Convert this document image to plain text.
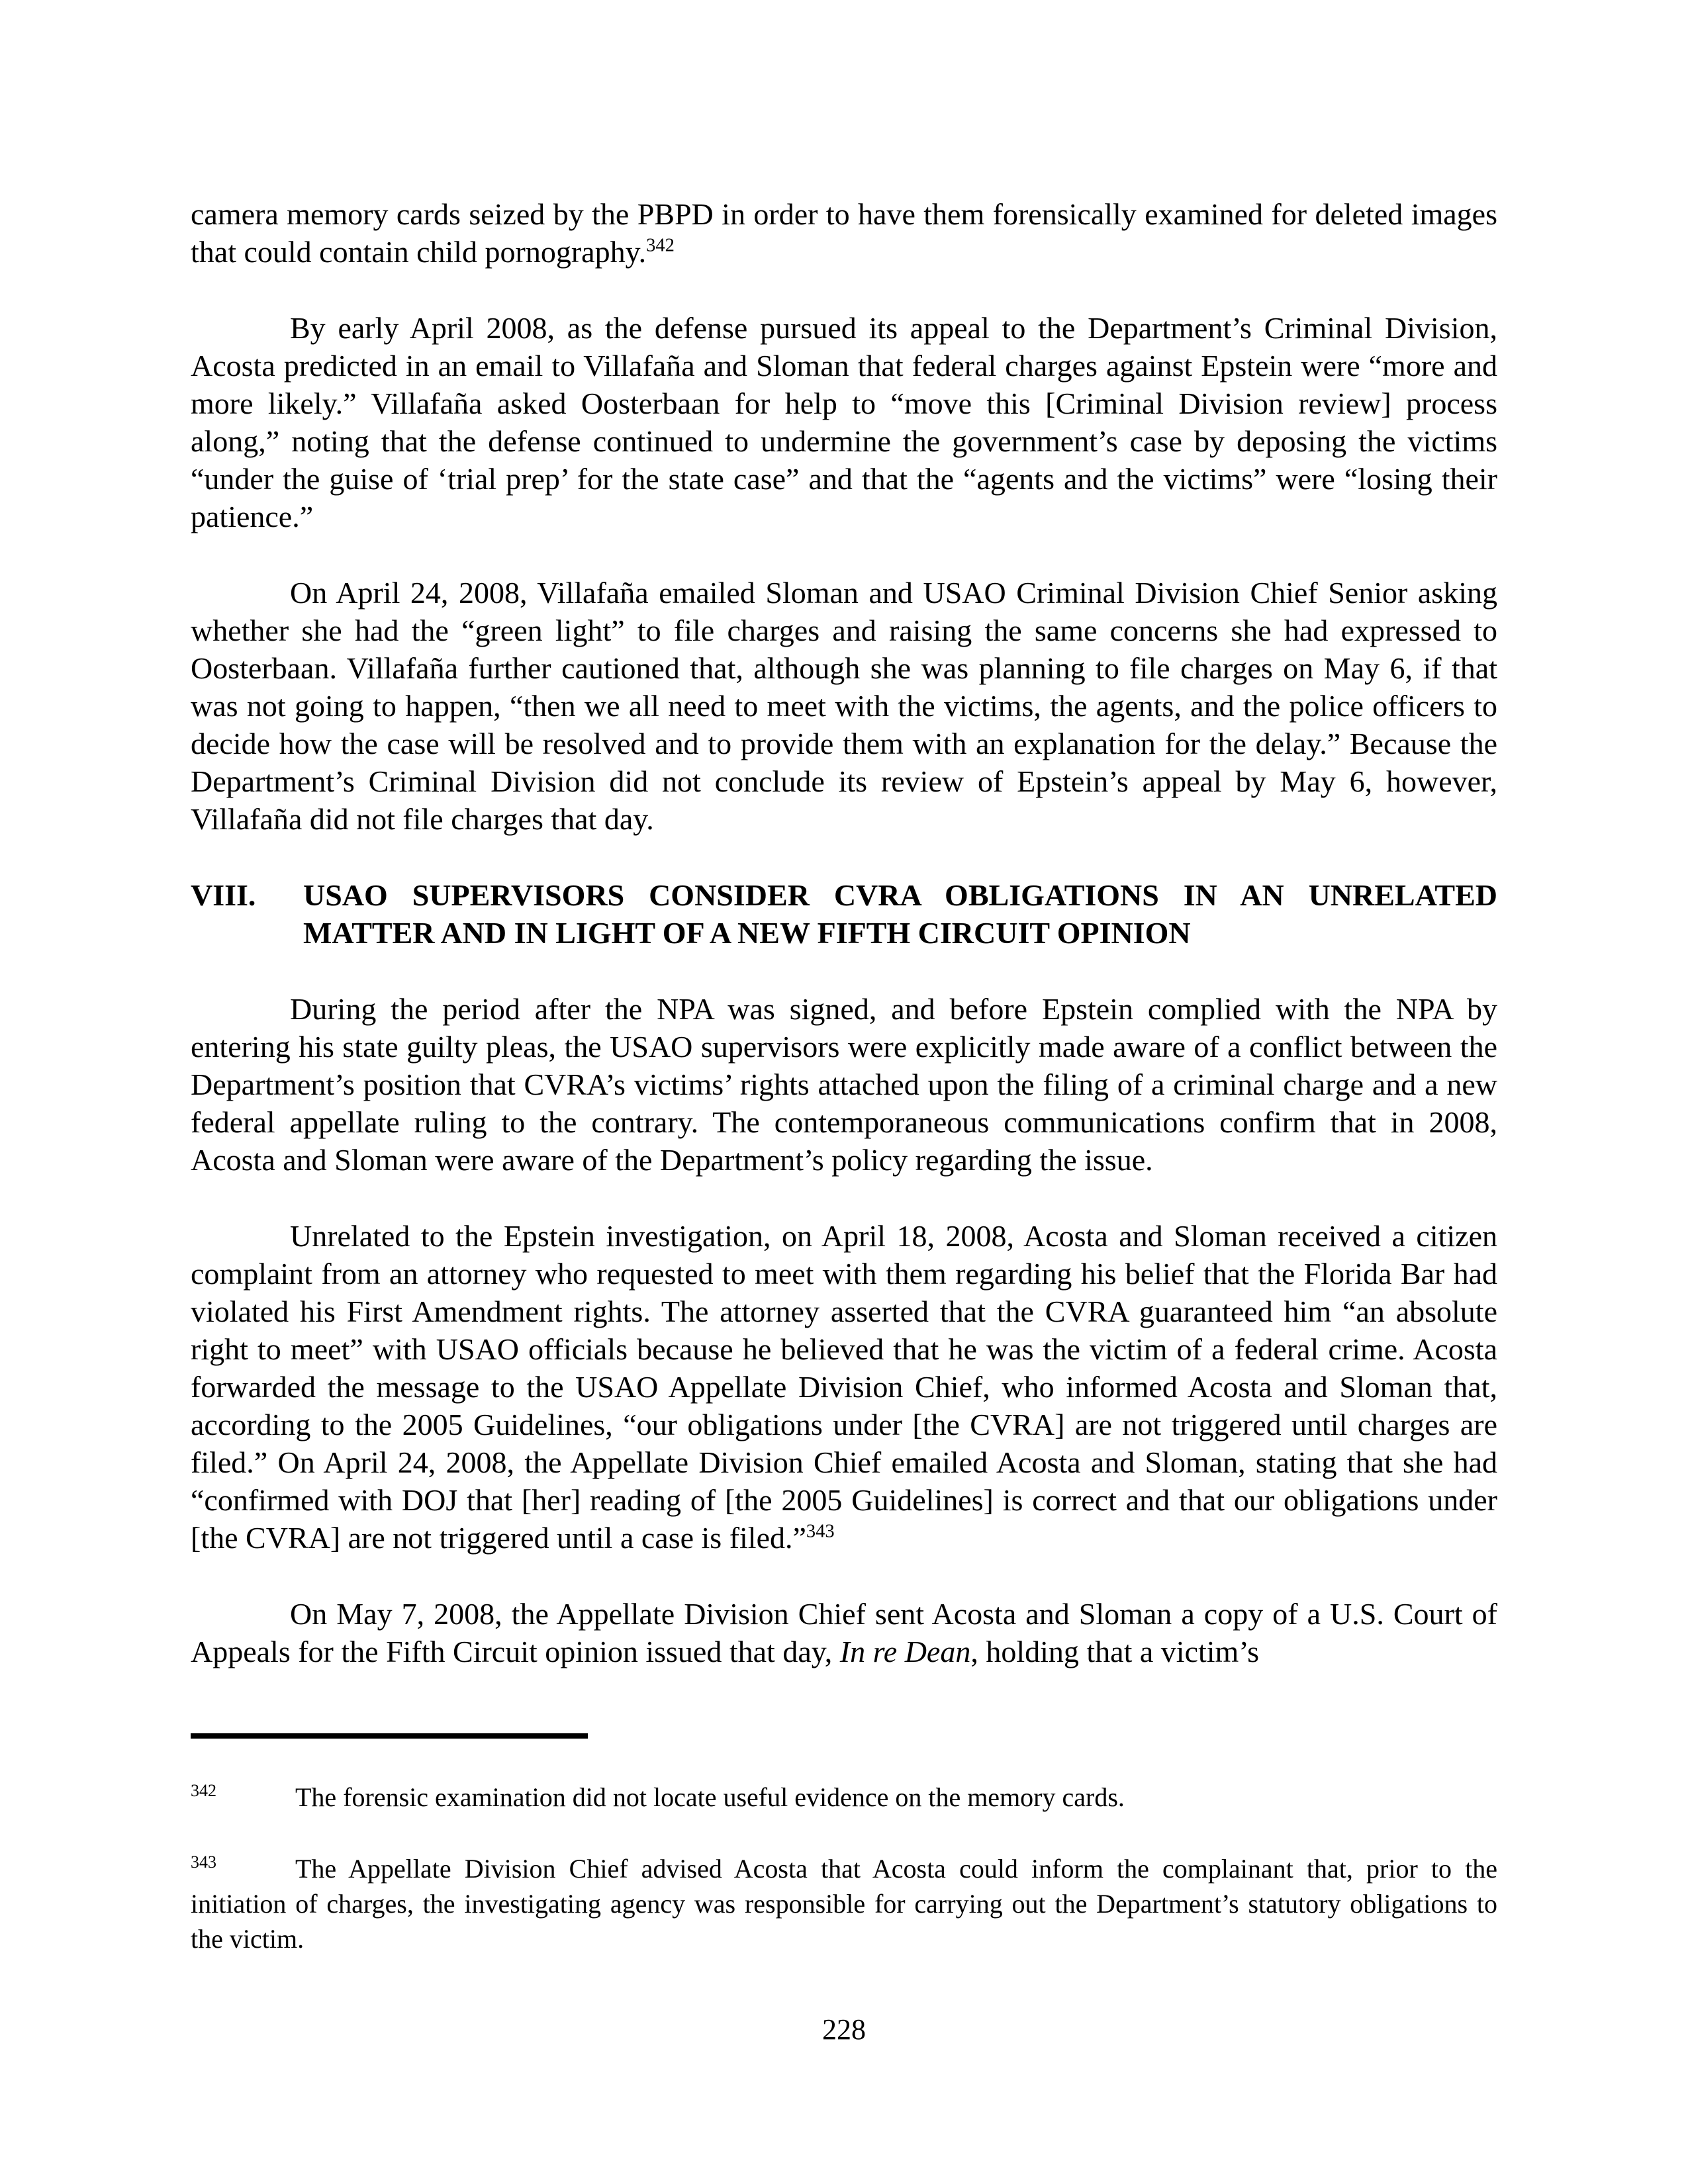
camera memory cards seized by the PBPD in order to have them forensically examined for deleted images that could contain child pornography.$^{342}$

By early April 2008, as the defense pursued its appeal to the Department’s Criminal Division, Acosta predicted in an email to Villafaña and Sloman that federal charges against Epstein were “more and more likely.” Villafaña asked Oosterbaan for help to “move this [Criminal Division review] process along,” noting that the defense continued to undermine the government’s case by deposing the victims “under the guise of ‘trial prep’ for the state case” and that the “agents and the victims” were “losing their patience.”

On April 24, 2008, Villafaña emailed Sloman and USAO Criminal Division Chief Senior asking whether she had the “green light” to file charges and raising the same concerns she had expressed to Oosterbaan. Villafaña further cautioned that, although she was planning to file charges on May 6, if that was not going to happen, “then we all need to meet with the victims, the agents, and the police officers to decide how the case will be resolved and to provide them with an explanation for the delay.” Because the Department’s Criminal Division did not conclude its review of Epstein’s appeal by May 6, however, Villafaña did not file charges that day.

VIII.	USAO SUPERVISORS CONSIDER CVRA OBLIGATIONS IN AN UNRELATED MATTER AND IN LIGHT OF A NEW FIFTH CIRCUIT OPINION

During the period after the NPA was signed, and before Epstein complied with the NPA by entering his state guilty pleas, the USAO supervisors were explicitly made aware of a conflict between the Department’s position that CVRA’s victims’ rights attached upon the filing of a criminal charge and a new federal appellate ruling to the contrary. The contemporaneous communications confirm that in 2008, Acosta and Sloman were aware of the Department’s policy regarding the issue.

Unrelated to the Epstein investigation, on April 18, 2008, Acosta and Sloman received a citizen complaint from an attorney who requested to meet with them regarding his belief that the Florida Bar had violated his First Amendment rights. The attorney asserted that the CVRA guaranteed him “an absolute right to meet” with USAO officials because he believed that he was the victim of a federal crime. Acosta forwarded the message to the USAO Appellate Division Chief, who informed Acosta and Sloman that, according to the 2005 Guidelines, “our obligations under [the CVRA] are not triggered until charges are filed.” On April 24, 2008, the Appellate Division Chief emailed Acosta and Sloman, stating that she had “confirmed with DOJ that [her] reading of [the 2005 Guidelines] is correct and that our obligations under [the CVRA] are not triggered until a case is filed.”$^{343}$

On May 7, 2008, the Appellate Division Chief sent Acosta and Sloman a copy of a U.S. Court of Appeals for the Fifth Circuit opinion issued that day, In re Dean, holding that a victim’s

$^{342}$	The forensic examination did not locate useful evidence on the memory cards.

$^{343}$	The Appellate Division Chief advised Acosta that Acosta could inform the complainant that, prior to the initiation of charges, the investigating agency was responsible for carrying out the Department’s statutory obligations to the victim.

228
